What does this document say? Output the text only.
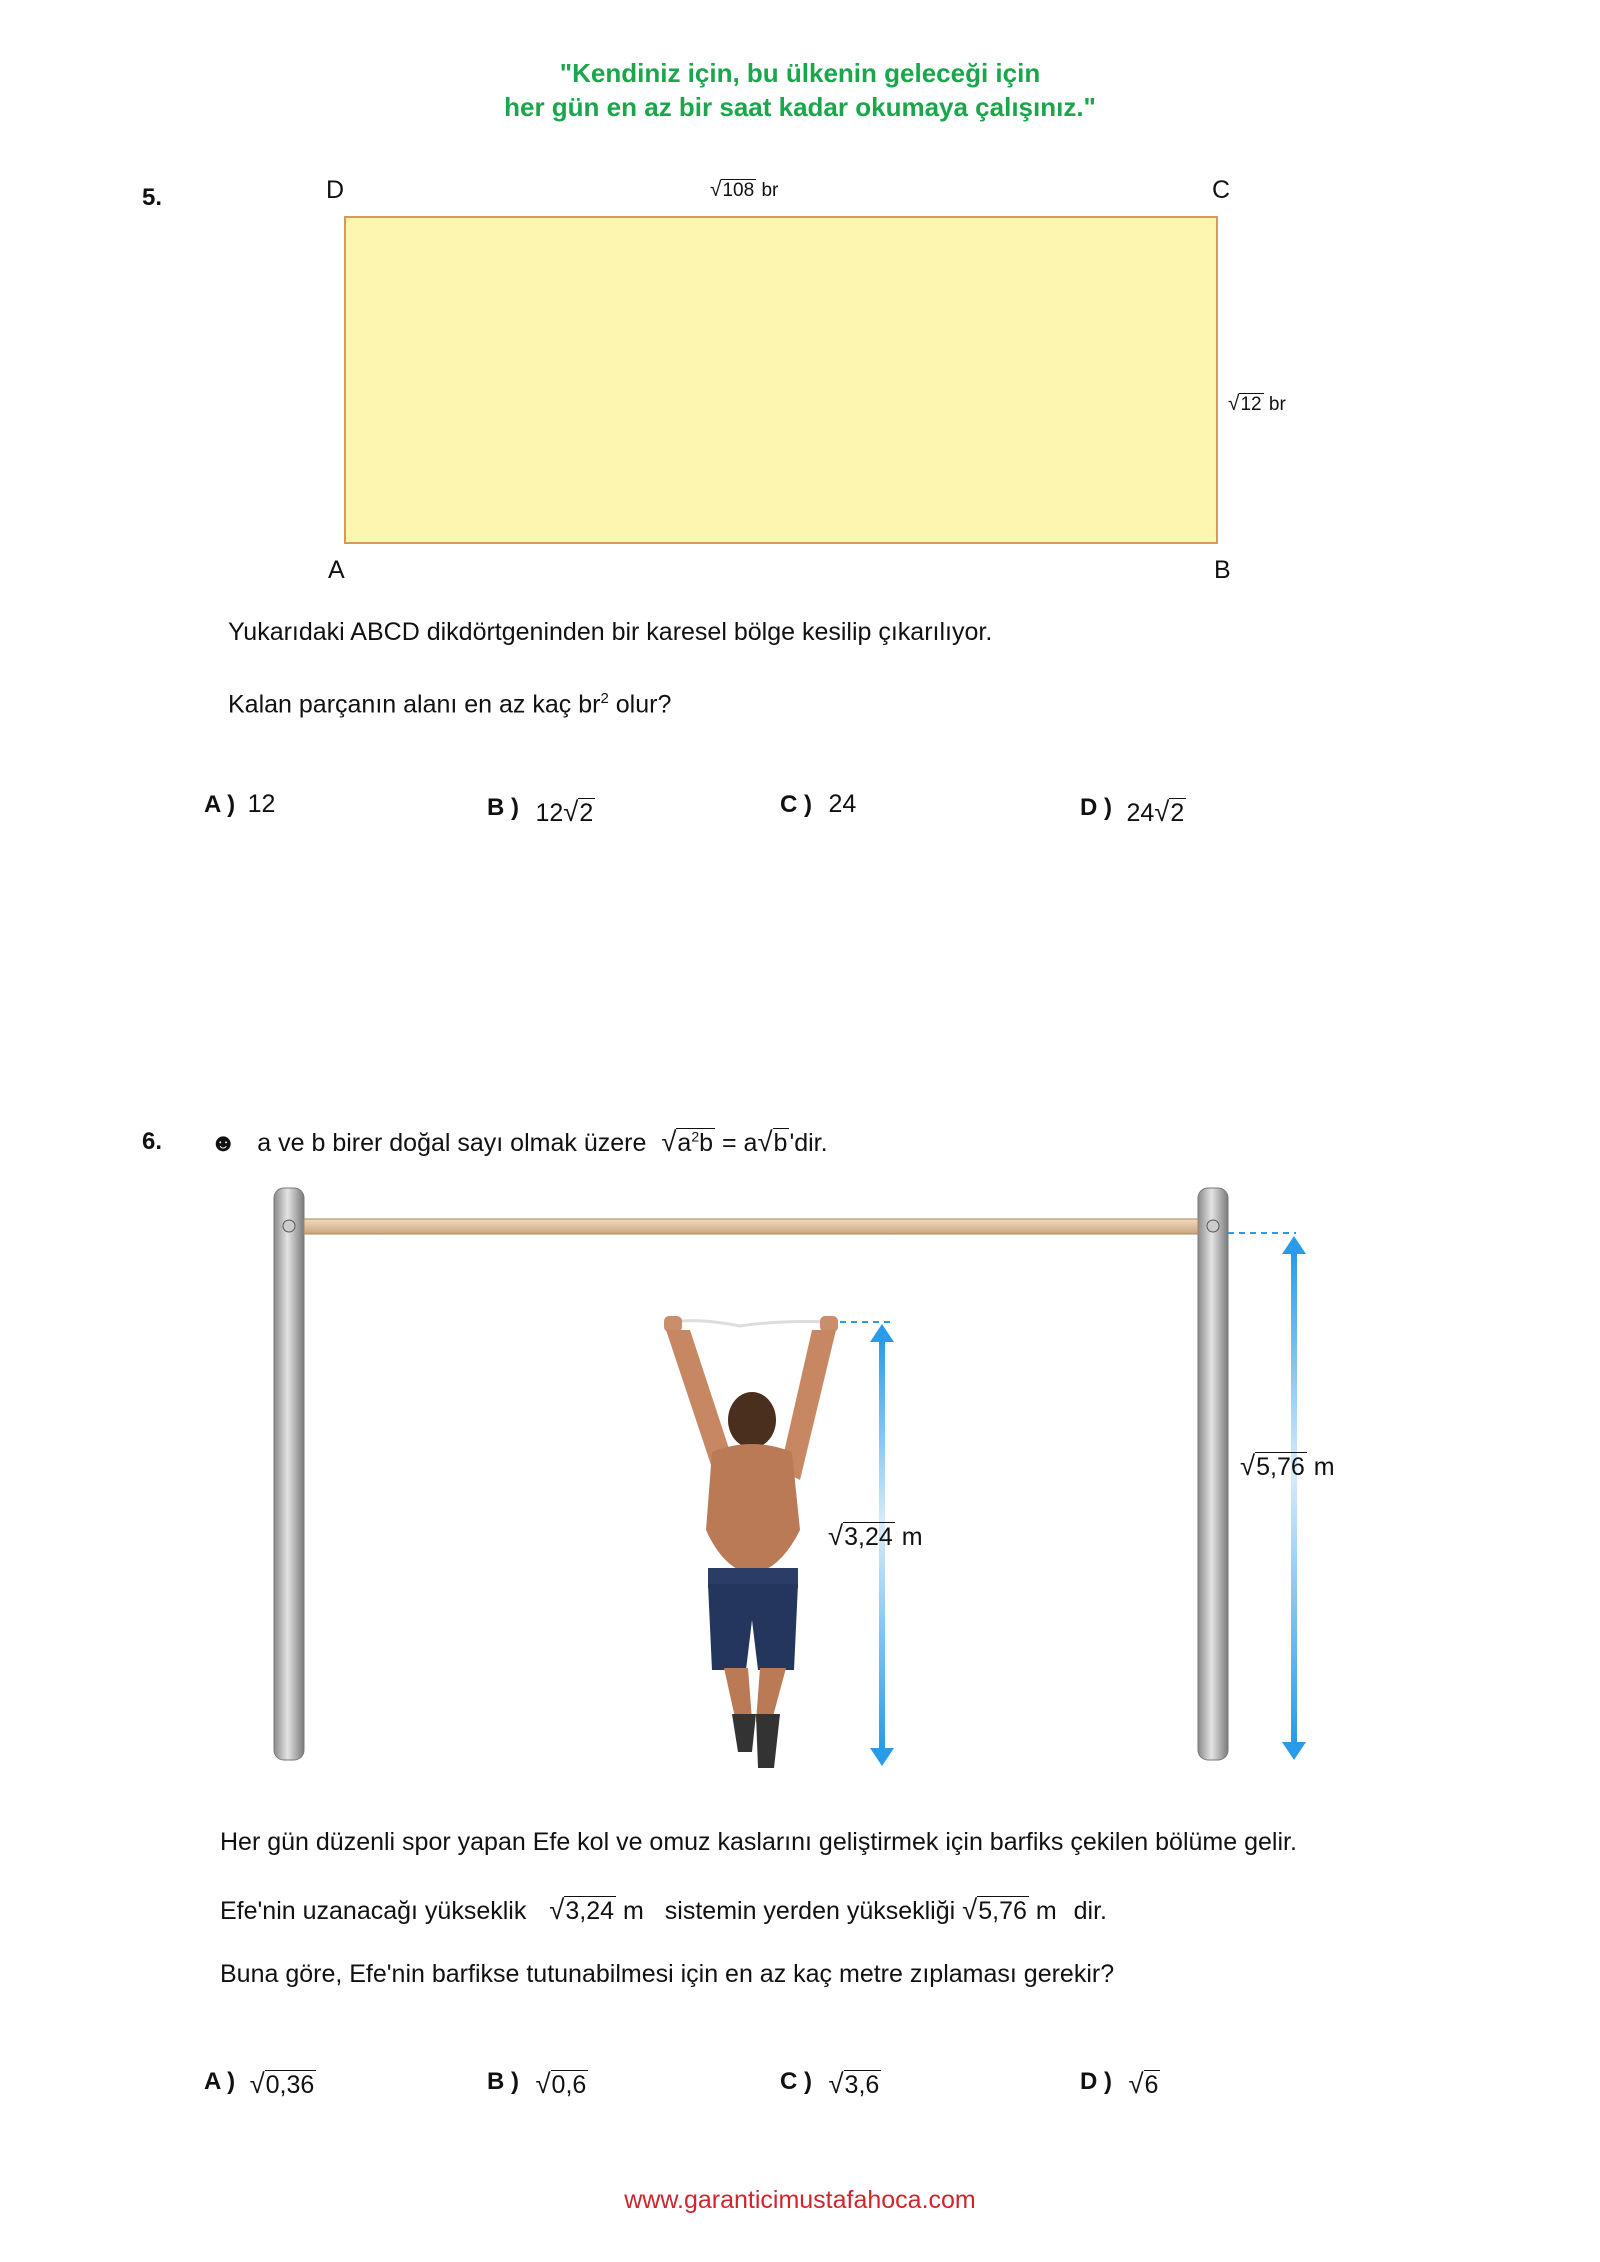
"Kendiniz için, bu ülkenin geleceği için
her gün en az bir saat kadar okumaya çalışınız."
5.	D	C
A	B
√108 br
√12 br
Yukarıdaki ABCD dikdörtgeninden bir karesel bölge kesilip çıkarılıyor.
Kalan parçanın alanı en az kaç $br^2$ olur?
A ) 12	B ) 12√2	C ) 24	D ) 24√2
6. ☻ a ve b birer doğal sayı olmak üzere $√a^2b = a√b'dir$.
√3,24 m
√5,76 m
Her gün düzenli spor yapan Efe kol ve omuz kaslarını geliştirmek için barfiks çekilen bölüme gelir.
Efe'nin uzanacağı yükseklik √3,24 m sistemin yerden yüksekliği √5,76 m dir.
Buna göre, Efe'nin barfikse tutunabilmesi için en az kaç metre zıplaması gerekir?
A ) √0,36	B ) √0,6	C ) √3,6	D ) √6
www.garanticimustafahoca.com
